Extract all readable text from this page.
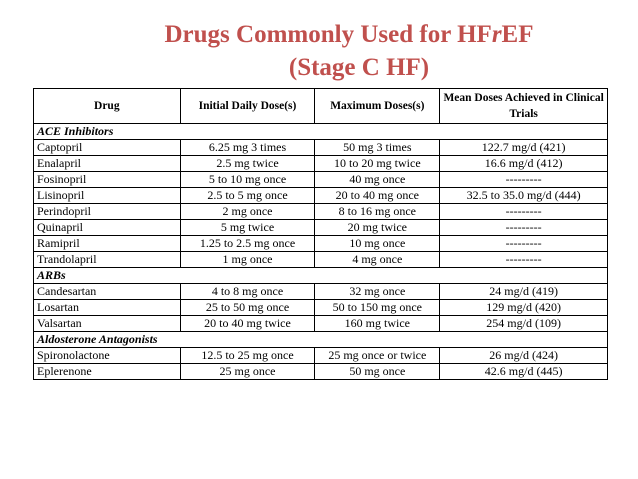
Drugs Commonly Used for HFrEF
(Stage C HF)
Drug	Initial Daily Dose(s)	Maximum Doses(s)	Mean Doses Achieved in Clinical Trials
ACE Inhibitors			
Captopril	6.25 mg 3 times	50 mg 3 times	122.7 mg/d (421)
Enalapril	2.5 mg twice	10 to 20 mg twice	16.6 mg/d (412)
Fosinopril	5 to 10 mg once	40 mg once	---------
Lisinopril	2.5 to 5 mg once	20 to 40 mg once	32.5 to 35.0 mg/d (444)
Perindopril	2 mg once	8 to 16 mg once	---------
Quinapril	5 mg twice	20 mg twice	---------
Ramipril	1.25 to 2.5 mg once	10 mg once	---------
Trandolapril	1 mg once	4 mg once	---------
ARBs			
Candesartan	4 to 8 mg once	32 mg once	24 mg/d (419)
Losartan	25 to 50 mg once	50 to 150 mg once	129 mg/d (420)
Valsartan	20 to 40 mg twice	160 mg twice	254 mg/d (109)
Aldosterone Antagonists			
Spironolactone	12.5 to 25 mg once	25 mg once or twice	26 mg/d (424)
Eplerenone	25 mg once	50 mg once	42.6 mg/d (445)
